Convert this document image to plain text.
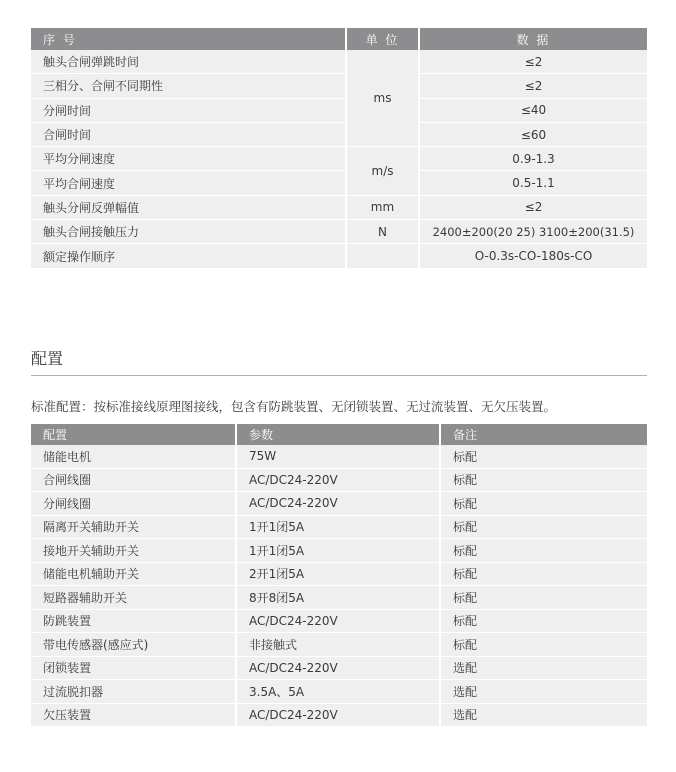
序 号	单 位	数 据
触头合闸弹跳时间	ms	≤2
三相分、合闸不同期性		≤2
分闸时间		≤40
合闸时间		≤60
平均分闸速度	m/s	0.9-1.3
平均合闸速度		0.5-1.1
触头分闸反弹幅值	mm	≤2
触头合闸接触压力	N	2400±200(20 25) 3100±200(31.5)
额定操作顺序		O-0.3s-CO-180s-CO
配置
标准配置：按标准接线原理图接线，包含有防跳装置、无闭锁装置、无过流装置、无欠压装置。
配置	参数	备注
储能电机	75W	标配
合闸线圈	AC/DC24-220V	标配
分闸线圈	AC/DC24-220V	标配
隔离开关辅助开关	1开1闭5A	标配
接地开关辅助开关	1开1闭5A	标配
储能电机辅助开关	2开1闭5A	标配
短路器辅助开关	8开8闭5A	标配
防跳装置	AC/DC24-220V	标配
带电传感器(感应式)	非接触式	标配
闭锁装置	AC/DC24-220V	选配
过流脱扣器	3.5A、5A	选配
欠压装置	AC/DC24-220V	选配
